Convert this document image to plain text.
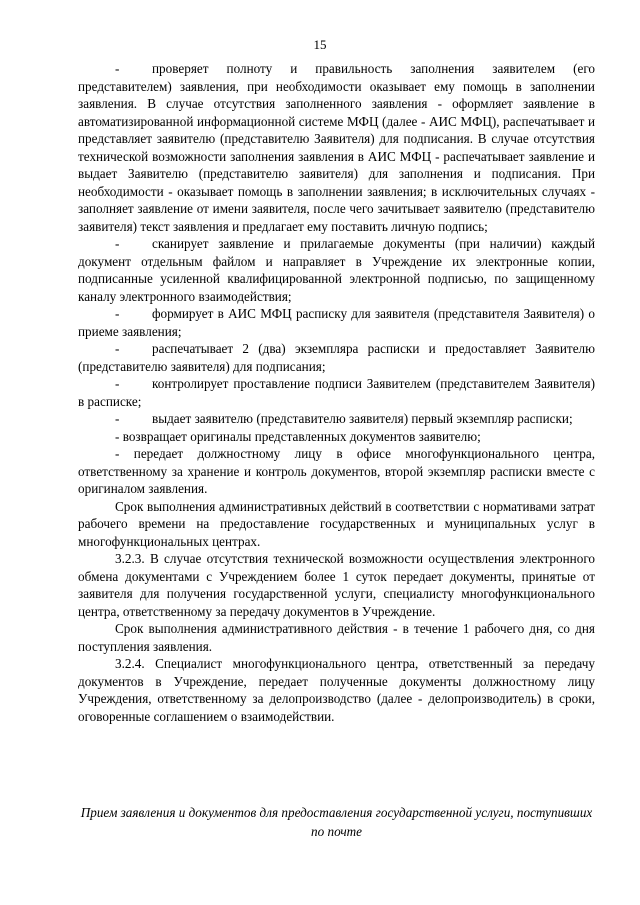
15

- проверяет полноту и правильность заполнения заявителем (его представителем) заявления, при необходимости оказывает ему помощь в заполнении заявления. В случае отсутствия заполненного заявления - оформляет заявление в автоматизированной информационной системе МФЦ (далее - АИС МФЦ), распечатывает и представляет заявителю (представителю Заявителя) для подписания. В случае отсутствия технической возможности заполнения заявления в АИС МФЦ - распечатывает заявление и выдает Заявителю (представителю заявителя) для заполнения и подписания. При необходимости - оказывает помощь в заполнении заявления; в исключительных случаях - заполняет заявление от имени заявителя, после чего зачитывает заявителю (представителю заявителя) текст заявления и предлагает ему поставить личную подпись;

- сканирует заявление и прилагаемые документы (при наличии) каждый документ отдельным файлом и направляет в Учреждение их электронные копии, подписанные усиленной квалифицированной электронной подписью, по защищенному каналу электронного взаимодействия;

- формирует в АИС МФЦ расписку для заявителя (представителя Заявителя) о приеме заявления;

- распечатывает 2 (два) экземпляра расписки и предоставляет Заявителю (представителю заявителя) для подписания;

- контролирует проставление подписи Заявителем (представителем Заявителя) в расписке;

- выдает заявителю (представителю заявителя) первый экземпляр расписки;

- возвращает оригиналы представленных документов заявителю;

- передает должностному лицу в офисе многофункционального центра, ответственному за хранение и контроль документов, второй экземпляр расписки вместе с оригиналом заявления.

Срок выполнения административных действий в соответствии с нормативами затрат рабочего времени на предоставление государственных и муниципальных услуг в многофункциональных центрах.

3.2.3. В случае отсутствия технической возможности осуществления электронного обмена документами с Учреждением более 1 суток передает документы, принятые от заявителя для получения государственной услуги, специалисту многофункционального центра, ответственному за передачу документов в Учреждение.

Срок выполнения административного действия - в течение 1 рабочего дня, со дня поступления заявления.

3.2.4. Специалист многофункционального центра, ответственный за передачу документов в Учреждение, передает полученные документы должностному лицу Учреждения, ответственному за делопроизводство (далее - делопроизводитель) в сроки, оговоренные соглашением о взаимодействии.

Прием заявления и документов для предоставления государственной услуги, поступивших по почте
